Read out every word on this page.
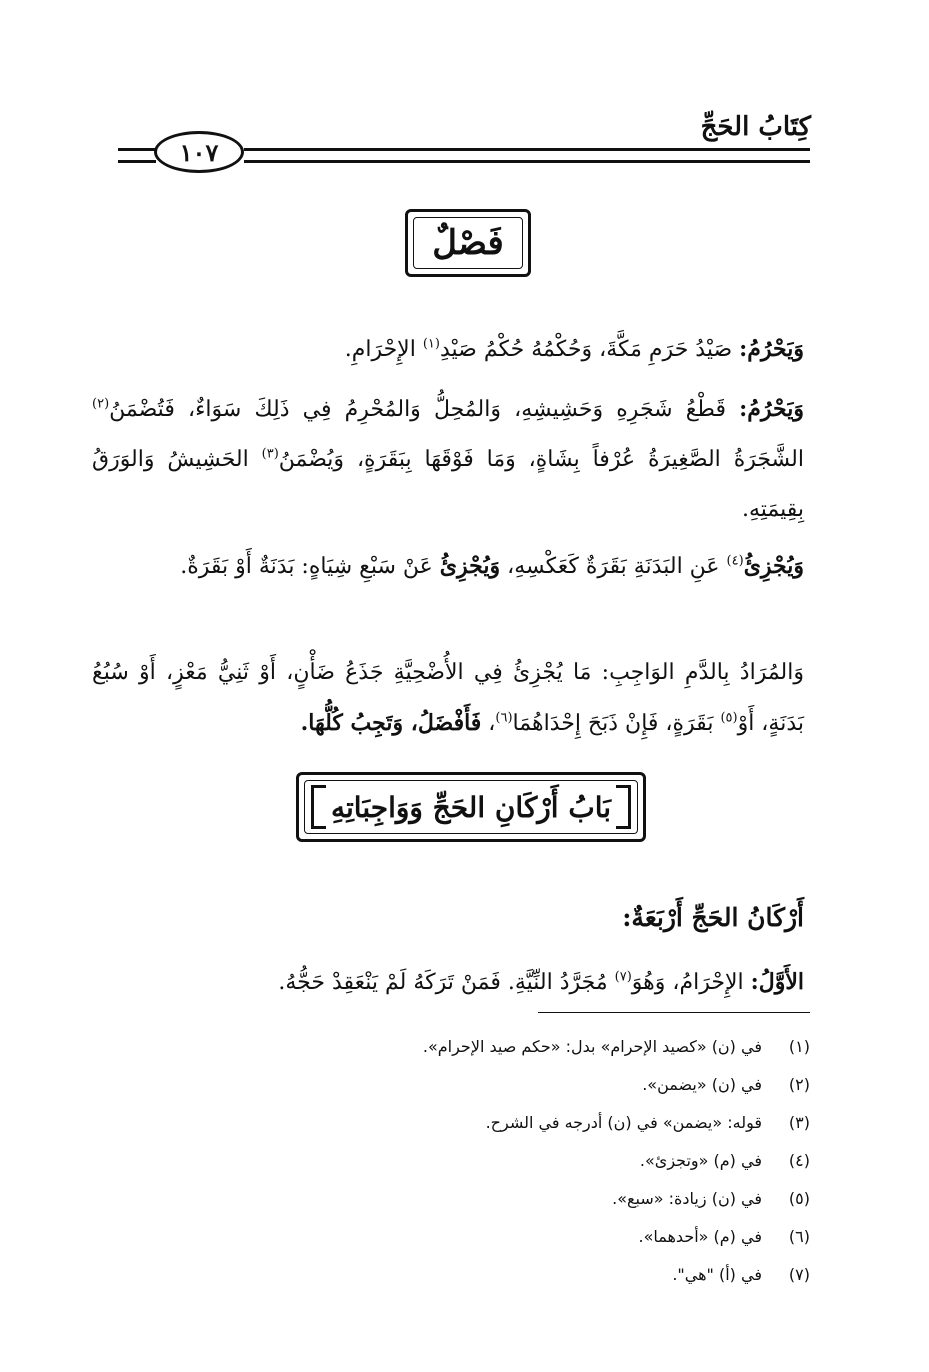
كِتَابُ الحَجِّ
١٠٧
فَصْلٌ

وَيَحْرُمُ: صَيْدُ حَرَمِ مَكَّةَ، وَحُكْمُهُ حُكْمُ صَيْدِ$^{(١)}$ الإِحْرَامِ.

وَيَحْرُمُ: قَطْعُ شَجَرِهِ وَحَشِيشِهِ، وَالمُحِلُّ وَالمُحْرِمُ فِي ذَلِكَ سَوَاءٌ، فَتُضْمَنُ$^{(٢)}$ الشَّجَرَةُ الصَّغِيرَةُ عُرْفاً بِشَاةٍ، وَمَا فَوْقَهَا بِبَقَرَةٍ، وَيُضْمَنُ$^{(٣)}$ الحَشِيشُ وَالوَرَقُ بِقِيمَتِهِ.

وَيُجْزِئُ$^{(٤)}$ عَنِ البَدَنَةِ بَقَرَةٌ كَعَكْسِهِ، وَيُجْزِئُ عَنْ سَبْعِ شِيَاهٍ: بَدَنَةٌ أَوْ بَقَرَةٌ.

وَالمُرَادُ بِالدَّمِ الوَاجِبِ: مَا يُجْزِئُ فِي الأُضْحِيَّةِ جَذَعُ ضَأْنٍ، أَوْ ثَنِيُّ مَعْزٍ، أَوْ سُبُعُ بَدَنَةٍ، أَوْ$^{(٥)}$ بَقَرَةٍ، فَإِنْ ذَبَحَ إِحْدَاهُمَا$^{(٦)}$، فَأَفْضَلُ، وَتَجِبُ كُلُّهَا.

بَابُ أَرْكَانِ الحَجِّ وَوَاجِبَاتِهِ

أَرْكَانُ الحَجِّ أَرْبَعَةٌ:

الأَوَّلُ: الإِحْرَامُ، وَهُوَ$^{(٧)}$ مُجَرَّدُ النِّيَّةِ. فَمَنْ تَرَكَهُ لَمْ يَنْعَقِدْ حَجُّهُ.

(١)
في (ن) «كصيد الإحرام» بدل: «حكم صيد الإحرام».
(٢)
في (ن) «يضمن».
(٣)
قوله: «يضمن» في (ن) أدرجه في الشرح.
(٤)
في (م) «وتجزئ».
(٥)
في (ن) زيادة: «سبع».
(٦)
في (م) «أحدهما».
(٧)
في (أ) "هي".
